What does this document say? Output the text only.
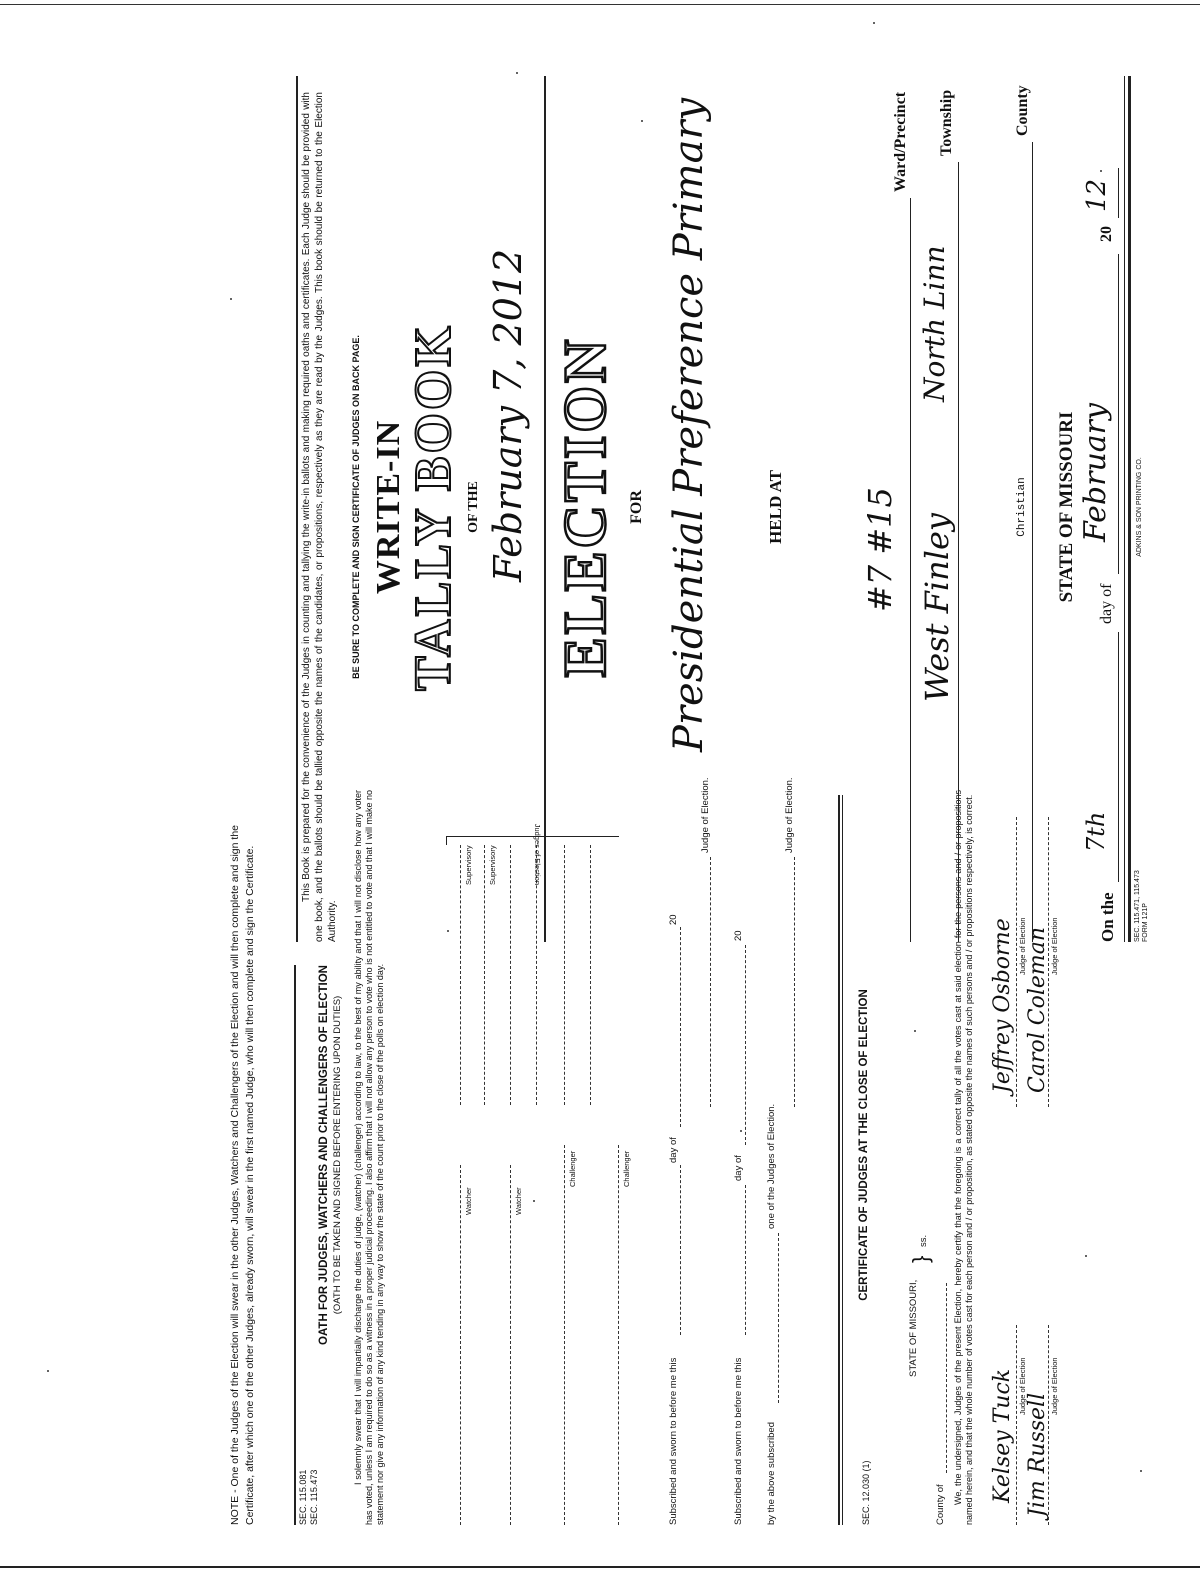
NOTE - One of the Judges of the Election will swear in the other Judges, Watchers and Challengers of the Election and will then complete and sign the Certificate, after which one of the other Judges, already sworn, will swear in the first named Judge, who will then complete and sign the Certificate.	SEC. 115.081 SEC. 115.473
OATH FOR JUDGES, WATCHERS AND CHALLENGERS OF ELECTION (OATH TO BE TAKEN AND SIGNED BEFORE ENTERING UPON DUTIES) I solemnly swear that I will impartially discharge the duties of judge, (watcher) (challenger) according to law, to the best of my ability and that I will not disclose how any voter has voted, unless I am required to do so as a witness in a proper judicial proceeding. I also affirm that I will not allow any person to vote who is not entitled to vote and that I will make no statement nor give any information of any kind tending in any way to show the state of the count prior to the close of the polls on election day.	Watcher	Watcher
Challenger	Challenger
Supervisory Supervisory	Judges of Election
Subscribed and sworn to before me this
day of
20
Judge of Election.
Subscribed and sworn to before me this
day of
20
by the above subscribed
one of the Judges of Election.
Judge of Election.
SEC. 12.030 (1)
CERTIFICATE OF JUDGES AT THE CLOSE OF ELECTION
STATE OF MISSOURI,
}
ss.
County of We, the undersigned, Judges of the present Election, hereby certify that the foregoing is a correct tally of all the votes cast at said election for the persons and / or propositions named herein, and that the whole number of votes cast for each person and / or proposition, as stated opposite the names of such persons and / or propositions respectively, is correct. Kelsey Tuck Judge of Election
Jim Russell
Judge of Election
Jeffrey Osborne Judge of Election
Carol Coleman Judge of Election
This Book is prepared for the convenience of the Judges in counting and tallying the write-in ballots and making required oaths and certificates. Each Judge should be provided with one book, and the ballots should be tallied opposite the names of the candidates, or propositions, respectively as they are read by the Judges. This book should be returned to the Election Authority.
BE SURE TO COMPLETE AND SIGN CERTIFICATE OF JUDGES ON BACK PAGE. WRITE-IN
TALLY BOOK OF THE February 7, 2012 ELECTION FOR Presidential Preference Primary	HELD AT #7 #15
Ward/Precinct
West Finley
North Linn
Township
Christian
County
STATE OF MISSOURI
On the
7th
day of
February
20
12
SEC. 115.471, 115.473 FORM 121P
ADKINS & SON PRINTING CO.
